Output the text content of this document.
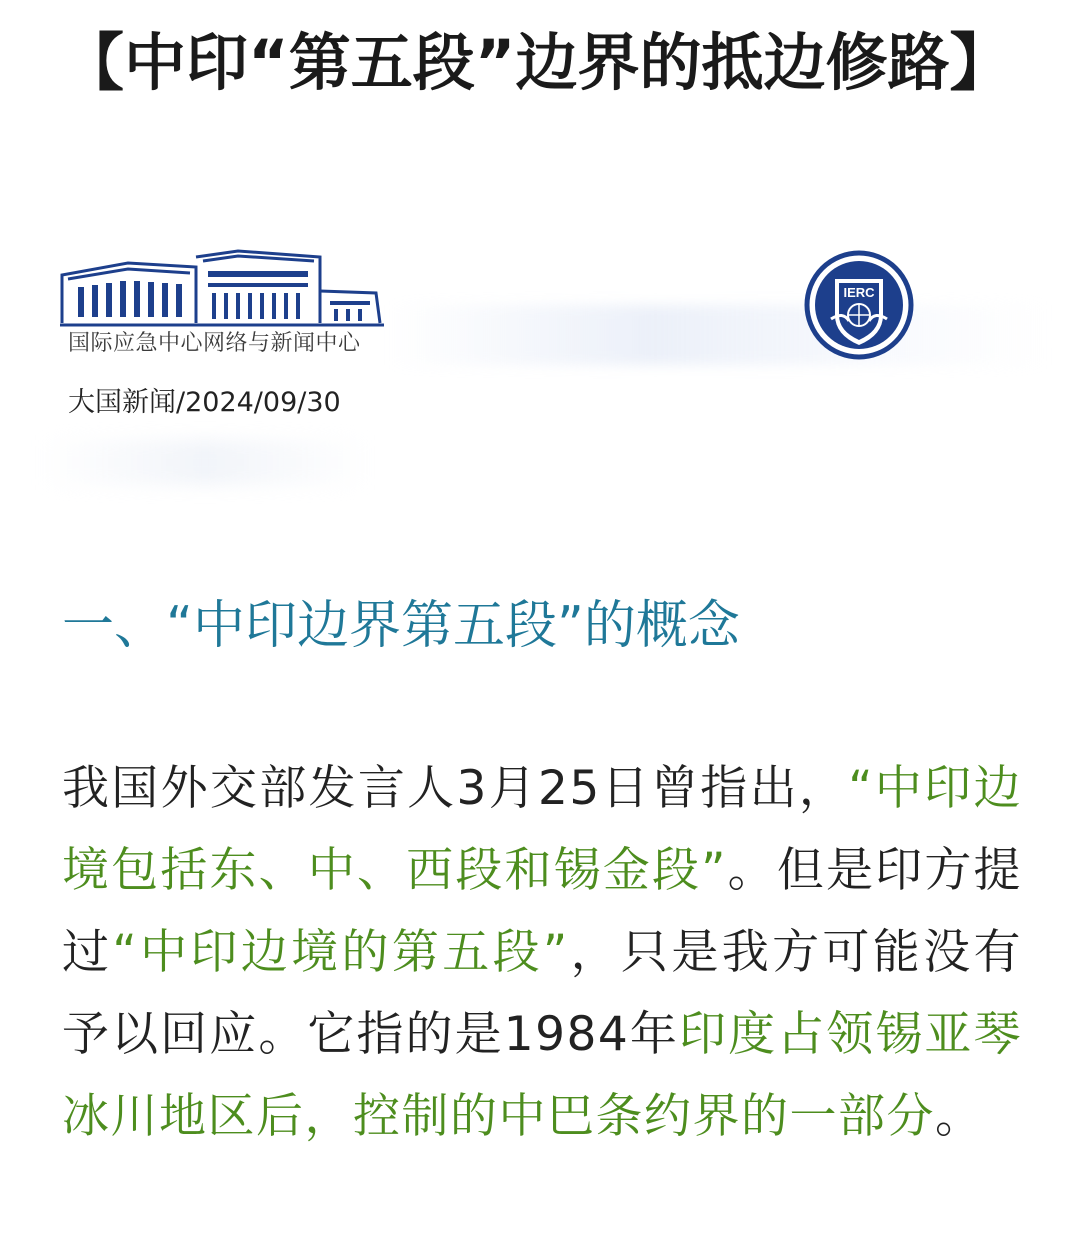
【中印“第五段”边界的抵边修路】
国际应急中心网络与新闻中心
IERC
大国新闻/2024/09/30
一、“中印边界第五段”的概念

我国外交部发言人3月25日曾指出，“中印边境包括东、中、西段和锡金段”。但是印方提过“中印边境的第五段”，只是我方可能没有予以回应。它指的是1984年印度占领锡亚琴冰川地区后，控制的中巴条约界的一部分。
